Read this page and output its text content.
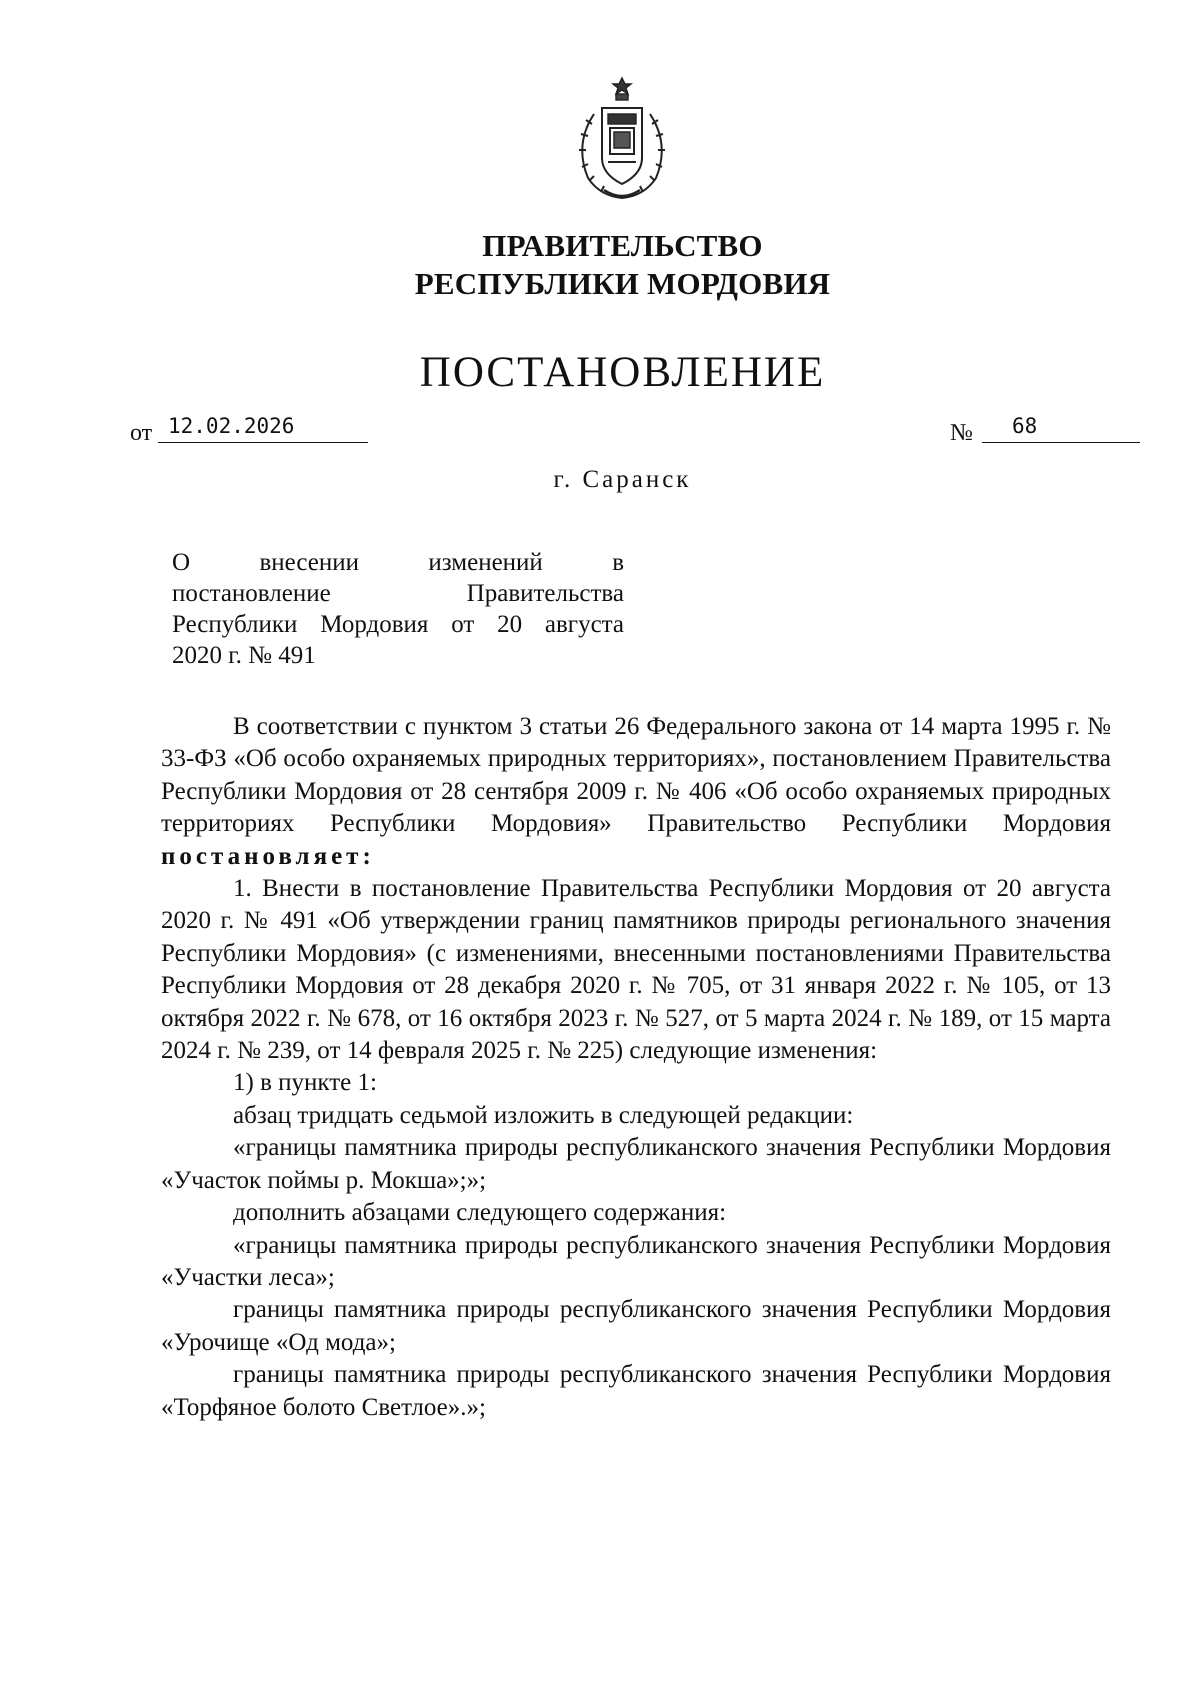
ПРАВИТЕЛЬСТВО
РЕСПУБЛИКИ МОРДОВИЯ
ПОСТАНОВЛЕНИЕ
от 12.02.2026	№	68
г. Саранск
О внесении изменений в
постановление Правительства
Республики Мордовия от 20 августа
2020 г. № 491
В соответствии с пунктом 3 статьи 26 Федерального закона от 14 марта 1995 г. № 33-ФЗ «Об особо охраняемых природных территориях», постановлением Правительства Республики Мордовия от 28 сентября 2009 г. № 406 «Об особо охраняемых природных территориях Республики Мордовия» Правительство Республики Мордовия постановляет:
1. Внести в постановление Правительства Республики Мордовия от 20 августа 2020 г. № 491 «Об утверждении границ памятников природы регионального значения Республики Мордовия» (с изменениями, внесенными постановлениями Правительства Республики Мордовия от 28 декабря 2020 г. № 705, от 31 января 2022 г. № 105, от 13 октября 2022 г. № 678, от 16 октября 2023 г. № 527, от 5 марта 2024 г. № 189, от 15 марта 2024 г. № 239, от 14 февраля 2025 г. № 225) следующие изменения:
1) в пункте 1:
абзац тридцать седьмой изложить в следующей редакции:
«границы памятника природы республиканского значения Республики Мордовия «Участок поймы р. Мокша»;»;
дополнить абзацами следующего содержания:
«границы памятника природы республиканского значения Республики Мордовия «Участки леса»;
границы памятника природы республиканского значения Республики Мордовия «Урочище «Од мода»;
границы памятника природы республиканского значения Республики Мордовия «Торфяное болото Светлое».»;
